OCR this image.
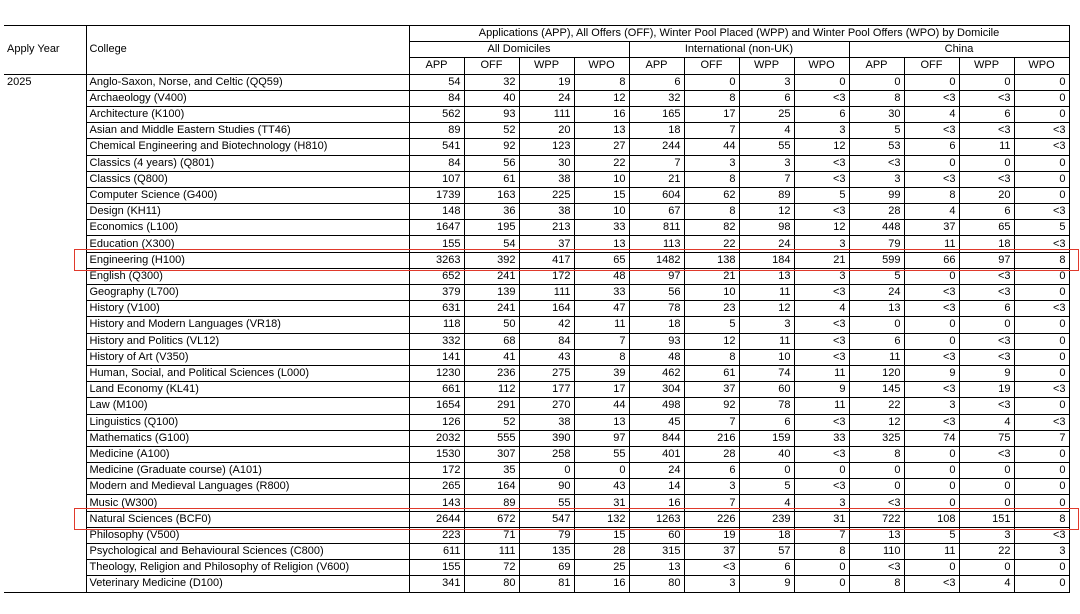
Apply Year	College	Applications (APP), All Offers (OFF), Winter Pool Placed (WPP) and Winter Pool Offers (WPO) by Domicile											
		All Domiciles				International (non-UK)				China			
		APP	OFF	WPP	WPO	APP	OFF	WPP	WPO	APP	OFF	WPP	WPO
2025	Anglo-Saxon, Norse, and Celtic (QQ59)	54	32	19	8	6	0	3	0	0	0	0	0
	Archaeology (V400)	84	40	24	12	32	8	6	<3	8	<3	<3	0
	Architecture (K100)	562	93	111	16	165	17	25	6	30	4	6	0
	Asian and Middle Eastern Studies (TT46)	89	52	20	13	18	7	4	3	5	<3	<3	<3
	Chemical Engineering and Biotechnology (H810)	541	92	123	27	244	44	55	12	53	6	11	<3
	Classics (4 years) (Q801)	84	56	30	22	7	3	3	<3	<3	0	0	0
	Classics (Q800)	107	61	38	10	21	8	7	<3	3	<3	<3	0
	Computer Science (G400)	1739	163	225	15	604	62	89	5	99	8	20	0
	Design (KH11)	148	36	38	10	67	8	12	<3	28	4	6	<3
	Economics (L100)	1647	195	213	33	811	82	98	12	448	37	65	5
	Education (X300)	155	54	37	13	113	22	24	3	79	11	18	<3
	Engineering (H100)	3263	392	417	65	1482	138	184	21	599	66	97	8
	English (Q300)	652	241	172	48	97	21	13	3	5	0	<3	0
	Geography (L700)	379	139	111	33	56	10	11	<3	24	<3	<3	0
	History (V100)	631	241	164	47	78	23	12	4	13	<3	6	<3
	History and Modern Languages (VR18)	118	50	42	11	18	5	3	<3	0	0	0	0
	History and Politics (VL12)	332	68	84	7	93	12	11	<3	6	0	<3	0
	History of Art (V350)	141	41	43	8	48	8	10	<3	11	<3	<3	0
	Human, Social, and Political Sciences (L000)	1230	236	275	39	462	61	74	11	120	9	9	0
	Land Economy (KL41)	661	112	177	17	304	37	60	9	145	<3	19	<3
	Law (M100)	1654	291	270	44	498	92	78	11	22	3	<3	0
	Linguistics (Q100)	126	52	38	13	45	7	6	<3	12	<3	4	<3
	Mathematics (G100)	2032	555	390	97	844	216	159	33	325	74	75	7
	Medicine (A100)	1530	307	258	55	401	28	40	<3	8	0	<3	0
	Medicine (Graduate course) (A101)	172	35	0	0	24	6	0	0	0	0	0	0
	Modern and Medieval Languages (R800)	265	164	90	43	14	3	5	<3	0	0	0	0
	Music (W300)	143	89	55	31	16	7	4	3	<3	0	0	0
	Natural Sciences (BCF0)	2644	672	547	132	1263	226	239	31	722	108	151	8
	Philosophy (V500)	223	71	79	15	60	19	18	7	13	5	3	<3
	Psychological and Behavioural Sciences (C800)	611	111	135	28	315	37	57	8	110	11	22	3
	Theology, Religion and Philosophy of Religion (V600)	155	72	69	25	13	<3	6	0	<3	0	0	0
	Veterinary Medicine (D100)	341	80	81	16	80	3	9	0	8	<3	4	0
